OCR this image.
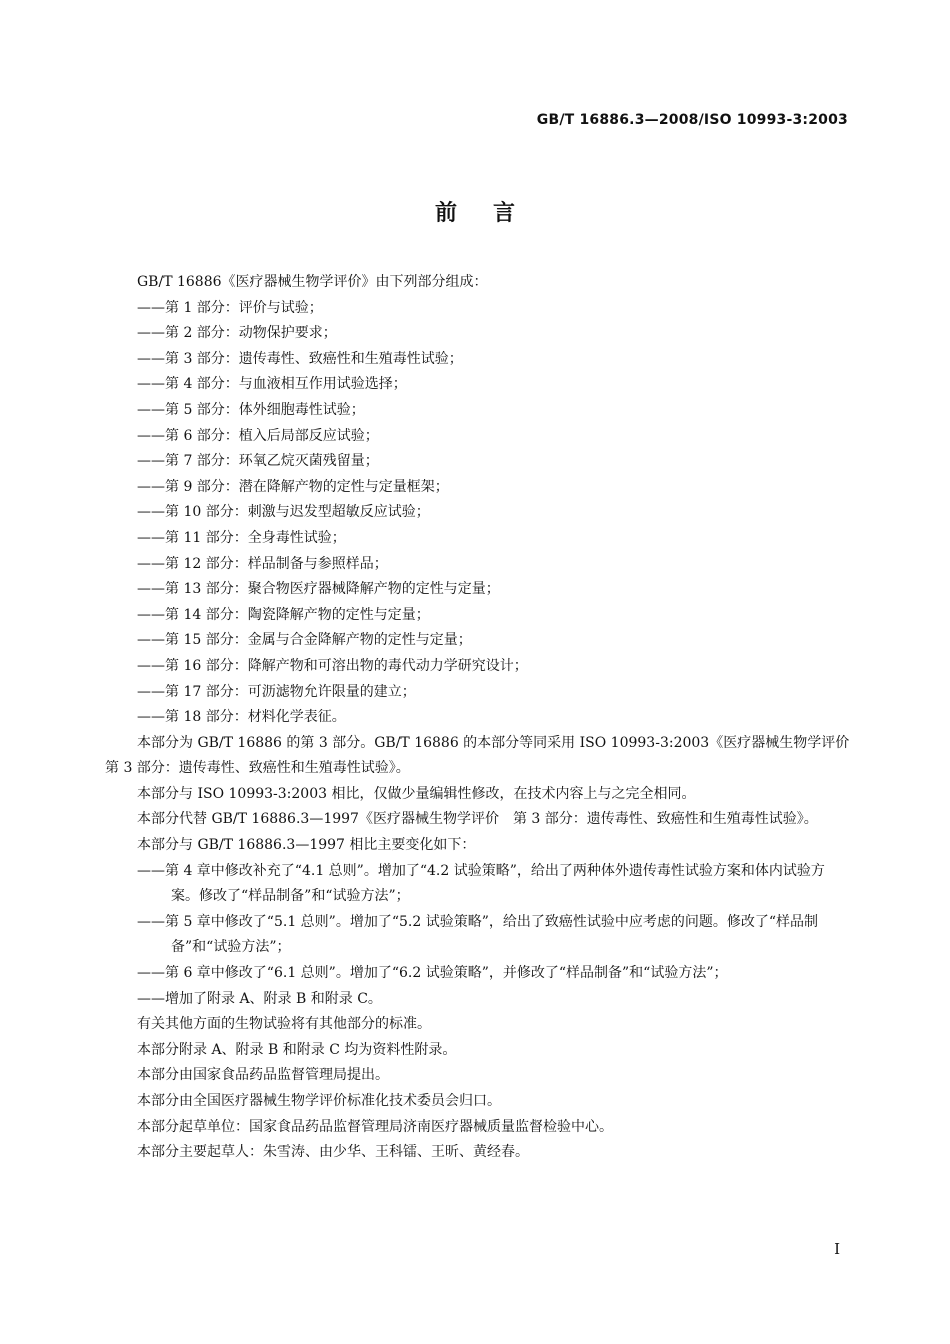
GB/T 16886.3—2008/ISO 10993-3:2003
前言

GB/T 16886《医疗器械生物学评价》由下列部分组成：

——第 1 部分：评价与试验；

——第 2 部分：动物保护要求；

——第 3 部分：遗传毒性、致癌性和生殖毒性试验；

——第 4 部分：与血液相互作用试验选择；

——第 5 部分：体外细胞毒性试验；

——第 6 部分：植入后局部反应试验；

——第 7 部分：环氧乙烷灭菌残留量；

——第 9 部分：潜在降解产物的定性与定量框架；

——第 10 部分：刺激与迟发型超敏反应试验；

——第 11 部分：全身毒性试验；

——第 12 部分：样品制备与参照样品；

——第 13 部分：聚合物医疗器械降解产物的定性与定量；

——第 14 部分：陶瓷降解产物的定性与定量；

——第 15 部分：金属与合金降解产物的定性与定量；

——第 16 部分：降解产物和可溶出物的毒代动力学研究设计；

——第 17 部分：可沥滤物允许限量的建立；

——第 18 部分：材料化学表征。

本部分为 GB/T 16886 的第 3 部分。GB/T 16886 的本部分等同采用 ISO 10993-3:2003《医疗器械生物学评价　第 3 部分：遗传毒性、致癌性和生殖毒性试验》。

本部分与 ISO 10993-3:2003 相比，仅做少量编辑性修改，在技术内容上与之完全相同。

本部分代替 GB/T 16886.3—1997《医疗器械生物学评价　第 3 部分：遗传毒性、致癌性和生殖毒性试验》。

本部分与 GB/T 16886.3—1997 相比主要变化如下：

——第 4 章中修改补充了“4.1 总则”。增加了“4.2 试验策略”，给出了两种体外遗传毒性试验方案和体内试验方案。修改了“样品制备”和“试验方法”；

——第 5 章中修改了“5.1 总则”。增加了“5.2 试验策略”，给出了致癌性试验中应考虑的问题。修改了“样品制备”和“试验方法”；

——第 6 章中修改了“6.1 总则”。增加了“6.2 试验策略”，并修改了“样品制备”和“试验方法”；

——增加了附录 A、附录 B 和附录 C。

有关其他方面的生物试验将有其他部分的标准。

本部分附录 A、附录 B 和附录 C 均为资料性附录。

本部分由国家食品药品监督管理局提出。

本部分由全国医疗器械生物学评价标准化技术委员会归口。

本部分起草单位：国家食品药品监督管理局济南医疗器械质量监督检验中心。

本部分主要起草人：朱雪涛、由少华、王科镭、王昕、黄经春。

I
